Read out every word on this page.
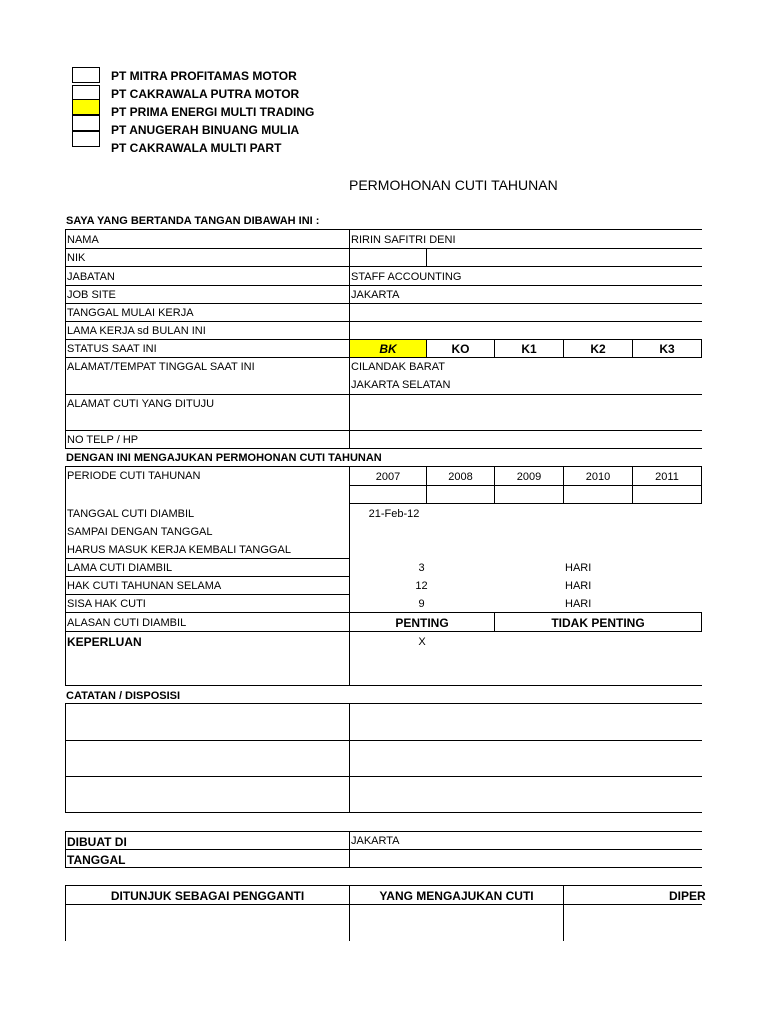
PT MITRA PROFITAMAS MOTOR
PT CAKRAWALA PUTRA MOTOR
PT PRIMA ENERGI MULTI TRADING
PT ANUGERAH BINUANG MULIA
PT CAKRAWALA MULTI PART
PERMOHONAN CUTI TAHUNAN
SAYA YANG BERTANDA TANGAN DIBAWAH INI :
NAMA	RIRIN SAFITRI DENI
NIK
JABATAN	STAFF ACCOUNTING
JOB SITE	JAKARTA
TANGGAL MULAI KERJA
LAMA KERJA sd BULAN INI
STATUS SAAT INI	BK	KO	K1	K2	K3
ALAMAT/TEMPAT TINGGAL SAAT INI	CILANDAK BARAT
JAKARTA SELATAN
ALAMAT CUTI YANG DITUJU
NO TELP / HP
DENGAN INI MENGAJUKAN PERMOHONAN CUTI TAHUNAN
PERIODE CUTI TAHUNAN	2007	2008	2009	2010	2011
TANGGAL CUTI DIAMBIL	21-Feb-12
SAMPAI DENGAN TANGGAL
HARUS MASUK KERJA KEMBALI TANGGAL
LAMA CUTI DIAMBIL	3	HARI
HAK CUTI TAHUNAN SELAMA	12	HARI
SISA HAK CUTI	9	HARI
ALASAN CUTI DIAMBIL	PENTING	TIDAK PENTING
KEPERLUAN	X
CATATAN / DISPOSISI
DIBUAT DI	JAKARTA
TANGGAL
DITUNJUK SEBAGAI PENGGANTI	YANG MENGAJUKAN CUTI	DIPER
